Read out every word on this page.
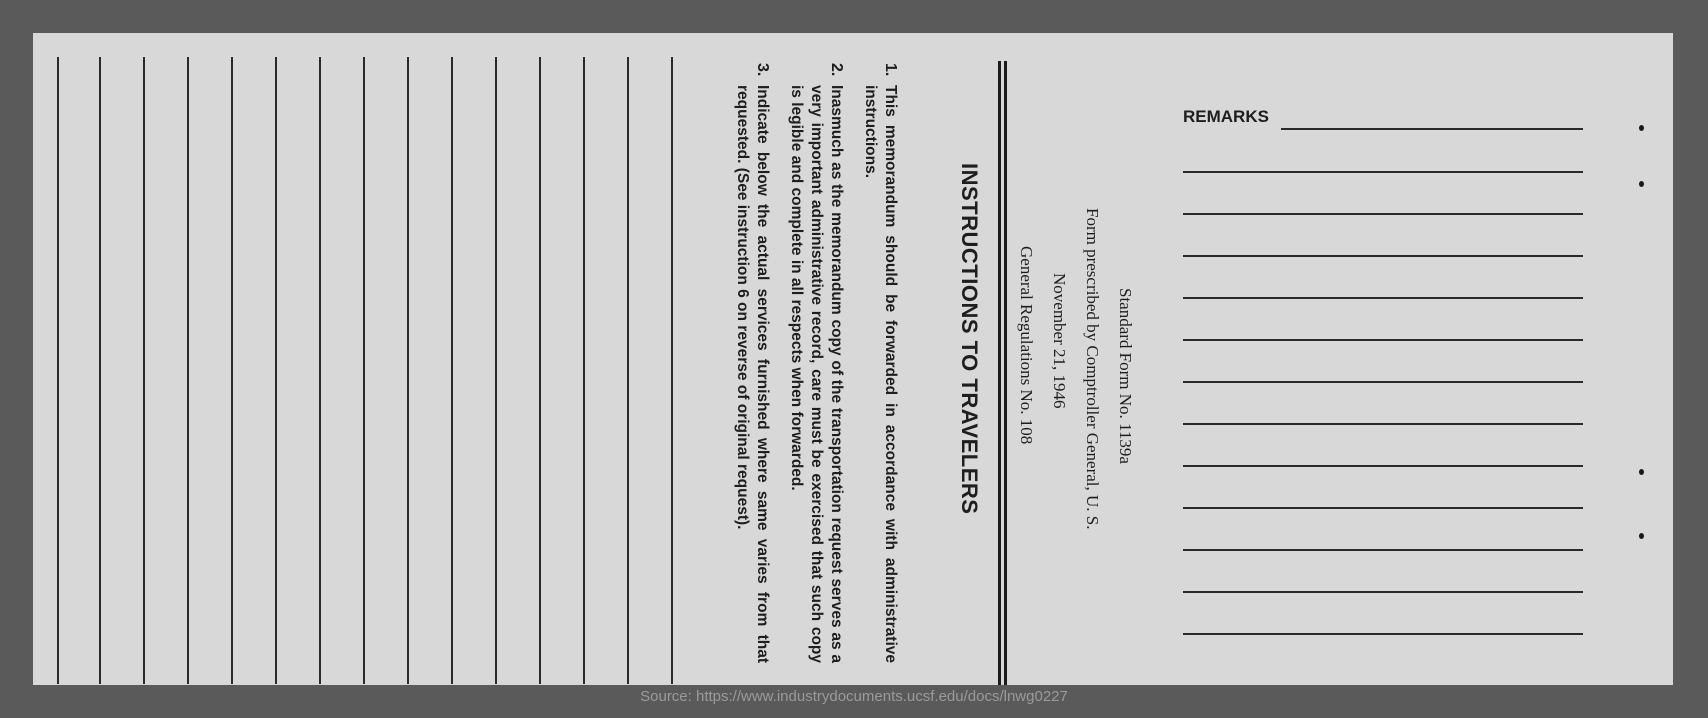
1.
This memorandum should be forwarded in accordance with administrative instructions.
2.
Inasmuch as the memorandum copy of the transportation request serves as a very important administrative record, care must be exercised that such copy is legible and complete in all respects when forwarded.
3.
Indicate below the actual services furnished where same varies from that requested. (See instruction 6 on reverse of original request).	INSTRUCTIONS TO TRAVELERS	Standard Form No. 1139a
Form prescribed by Comptroller General, U. S.
November 21, 1946
General Regulations No. 108
REMARKS
Source: https://www.industrydocuments.ucsf.edu/docs/lnwg0227
